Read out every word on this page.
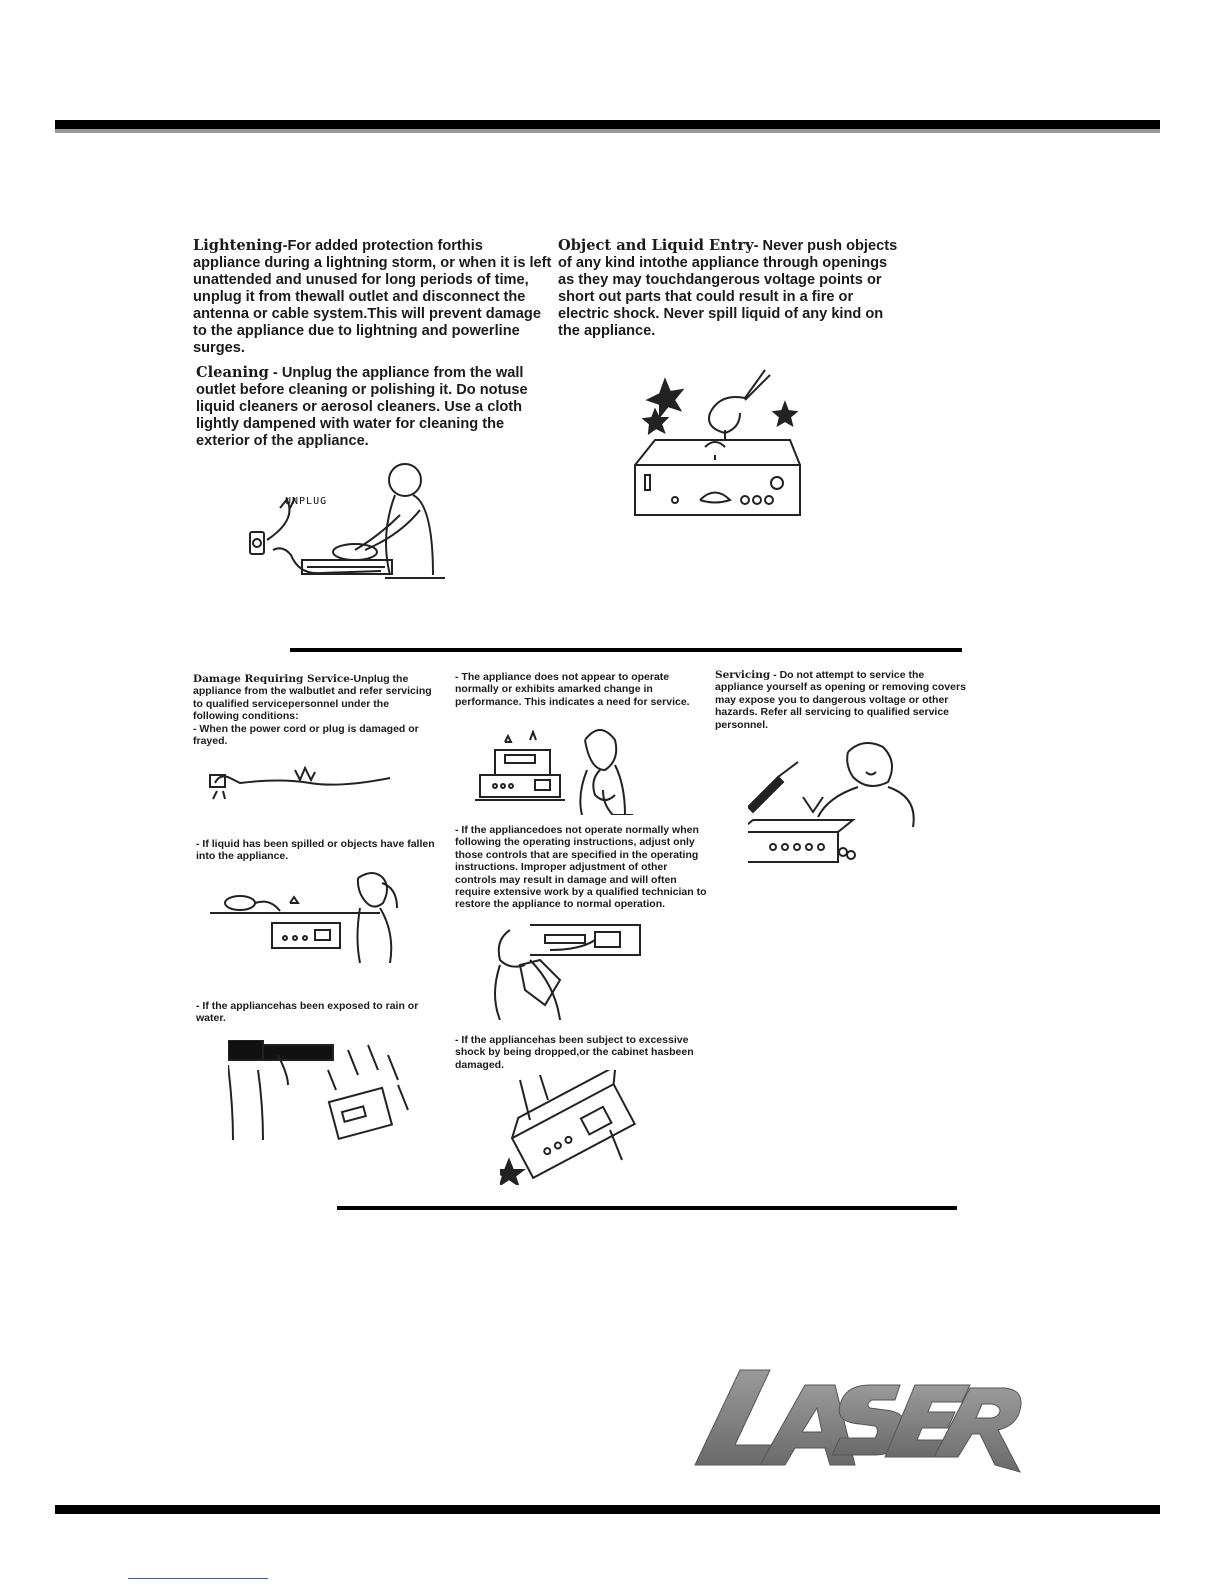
Lightening-For added protection forthis appliance during a lightning storm, or when it is left unattended and unused for long periods of time, unplug it from thewall outlet and disconnect the antenna or cable system.This will prevent damage to the appliance due to lightning and powerline surges.
Cleaning - Unplug the appliance from the wall outlet before cleaning or polishing it. Do notuse liquid cleaners or aerosol cleaners. Use a cloth lightly dampened with water for cleaning the exterior of the appliance.
UNPLUG
Object and Liquid Entry- Never push objects of any kind intothe appliance through openings as they may touchdangerous voltage points or short out parts that could result in a fire or electric shock. Never spill liquid of any kind on the appliance.
Damage Requiring Service-Unplug the appliance from the walbutlet and refer servicing to qualified servicepersonnel under the following conditions:
- When the power cord or plug is damaged or frayed.
- If liquid has been spilled or objects have fallen into the appliance.
- If the appliancehas been exposed to rain or water.
- The appliance does not appear to operate normally or exhibits amarked change in performance. This indicates a need for service.
- If the appliancedoes not operate normally when following the operating instructions, adjust only those controls that are specified in the operating instructions. Improper adjustment of other controls may result in damage and will often require extensive work by a qualified technician to restore the appliance to normal operation.
- If the appliancehas been subject to excessive shock by being dropped,or the cabinet hasbeen damaged.
Servicing - Do not attempt to service the appliance yourself as opening or removing covers may expose you to dangerous voltage or other hazards. Refer all servicing to qualified service personnel.
